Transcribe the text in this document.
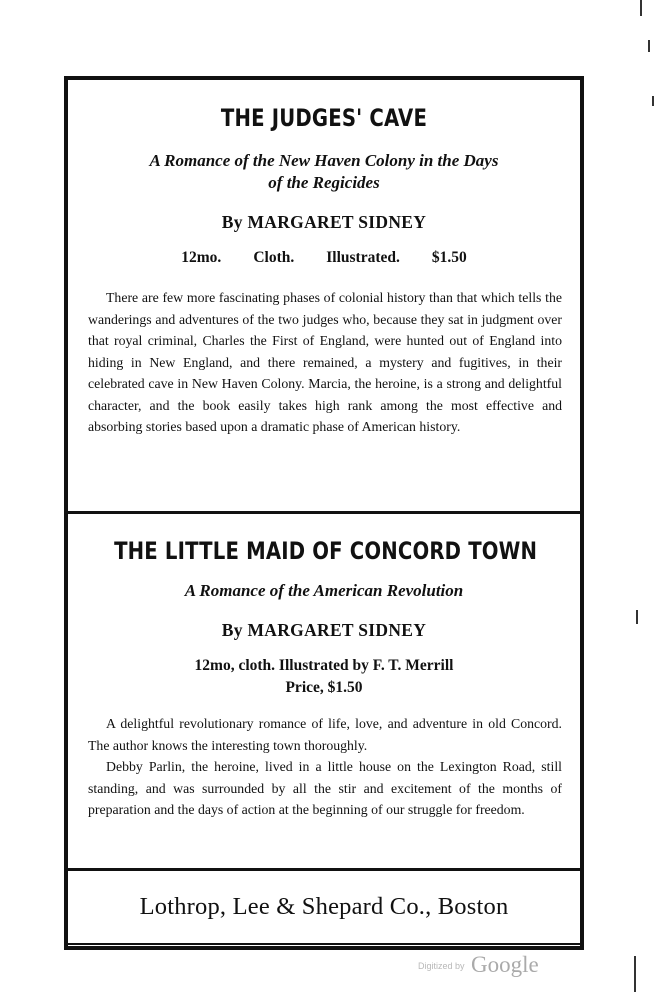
THE JUDGES' CAVE
A Romance of the New Haven Colony in the Days
of the Regicides
By MARGARET SIDNEY
12mo. Cloth. Illustrated. $1.50

There are few more fascinating phases of colonial history than that which tells the wanderings and adventures of the two judges who, because they sat in judgment over that royal criminal, Charles the First of England, were hunted out of England into hiding in New England, and there remained, a mystery and fugitives, in their celebrated cave in New Haven Colony. Marcia, the heroine, is a strong and delightful character, and the book easily takes high rank among the most effective and absorbing stories based upon a dramatic phase of American history.

THE LITTLE MAID OF CONCORD TOWN
A Romance of the American Revolution
By MARGARET SIDNEY
12mo, cloth. Illustrated by F. T. Merrill
Price, $1.50

A delightful revolutionary romance of life, love, and adventure in old Concord. The author knows the interesting town thoroughly.

Debby Parlin, the heroine, lived in a little house on the Lexington Road, still standing, and was surrounded by all the stir and excitement of the months of preparation and the days of action at the beginning of our struggle for freedom.

Lothrop, Lee & Shepard Co., Boston
Digitized by Google
